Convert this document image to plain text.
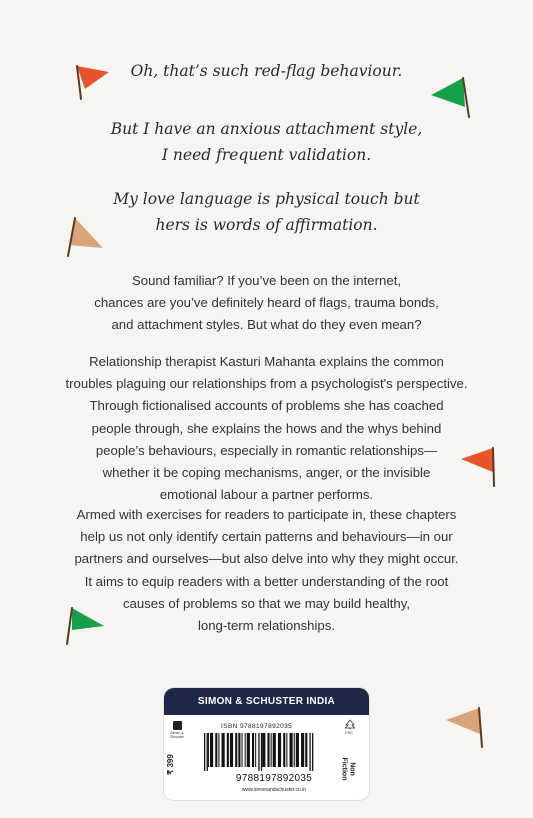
Oh, that’s such red-flag behaviour.
But I have an anxious attachment style,
I need frequent validation.
My love language is physical touch but
hers is words of affirmation.
Sound familiar? If you’ve been on the internet,
chances are you’ve definitely heard of flags, trauma bonds,
and attachment styles. But what do they even mean?
Relationship therapist Kasturi Mahanta explains the common
troubles plaguing our relationships from a psychologist's perspective.
Through fictionalised accounts of problems she has coached
people through, she explains the hows and the whys behind
people’s behaviours, especially in romantic relationships—
whether it be coping mechanisms, anger, or the invisible
emotional labour a partner performs.
Armed with exercises for readers to participate in, these chapters
help us not only identify certain patterns and behaviours—in our
partners and ourselves—but also delve into why they might occur.
It aims to equip readers with a better understanding of the root
causes of problems so that we may build healthy,
long-term relationships.
SIMON & SCHUSTER INDIA
Simon & Schuster
ISBN 9788197892035
FSC
₹ 399
9788197892035
www.simonandschuster.co.in
Non
Fiction
